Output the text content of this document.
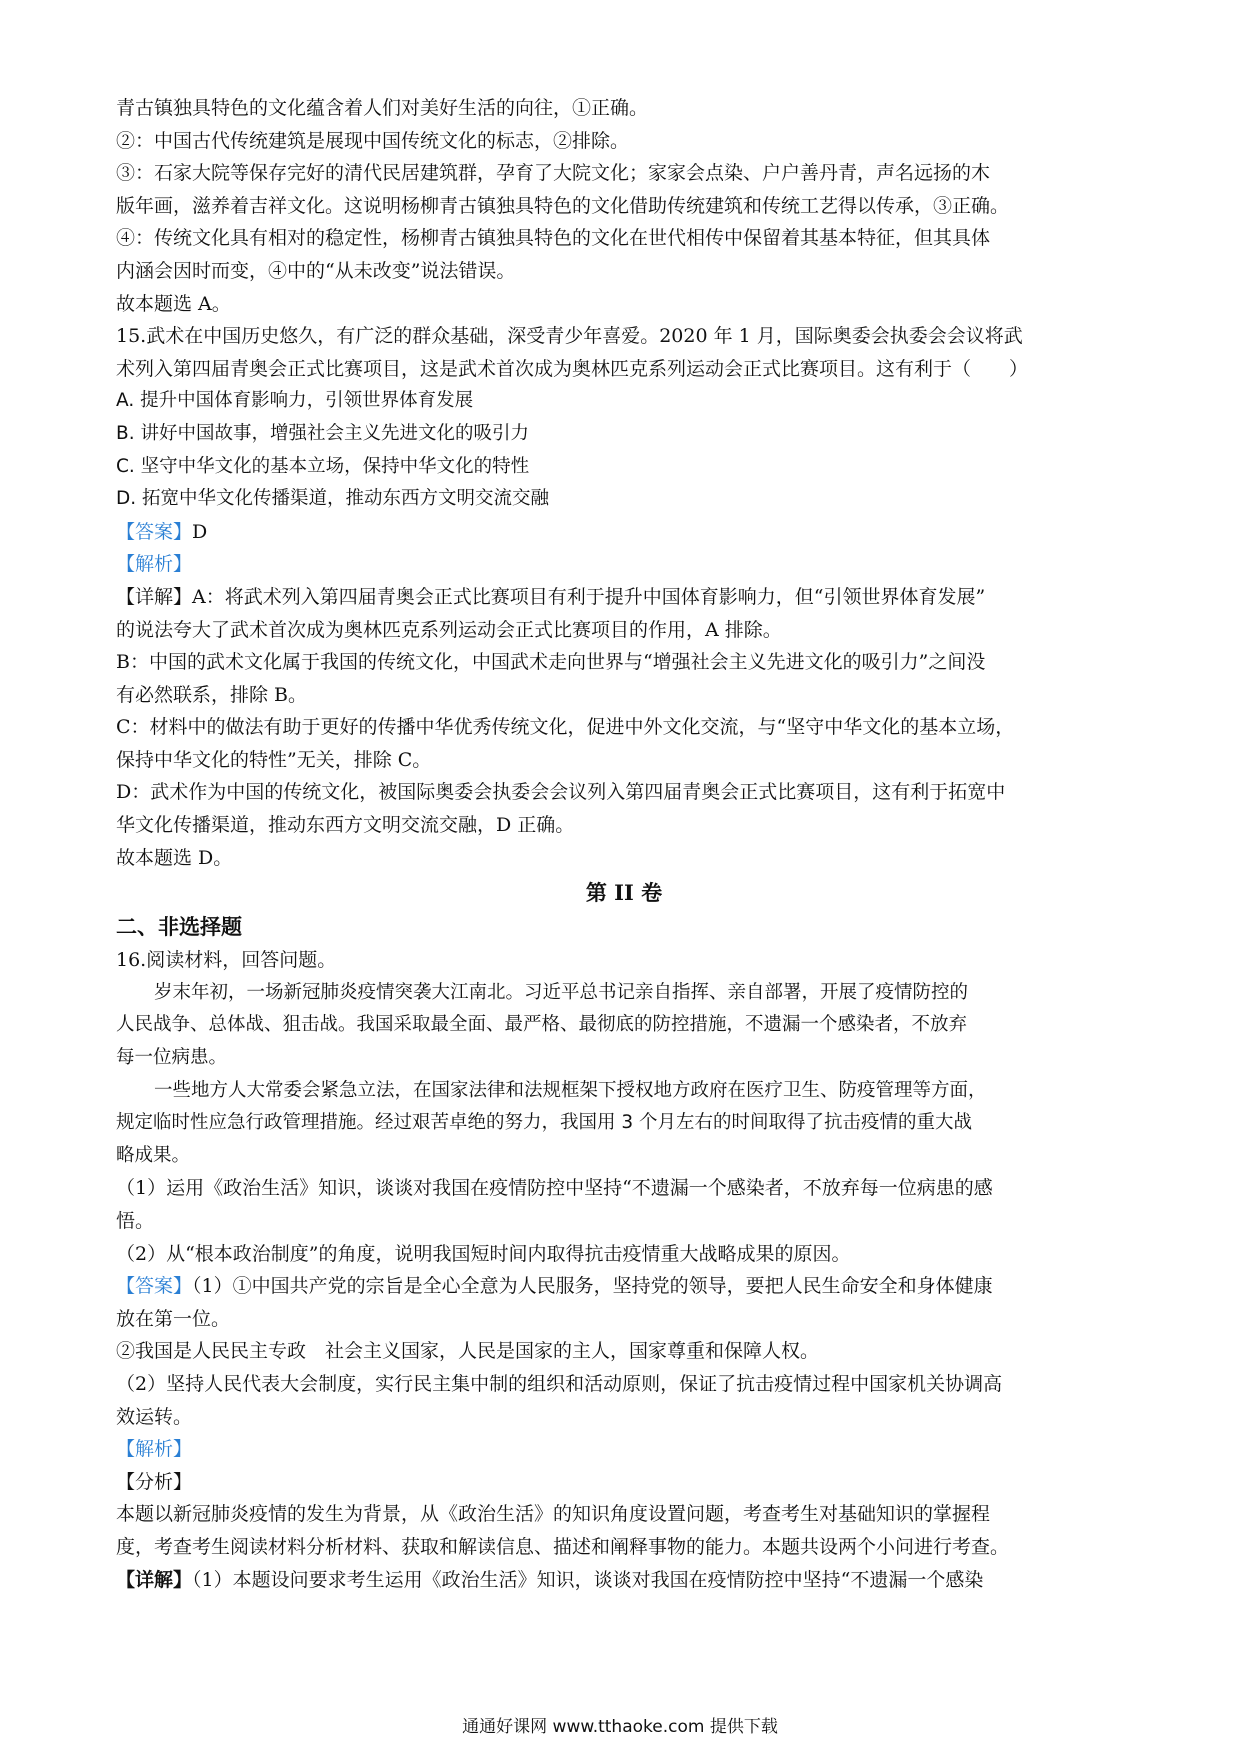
青古镇独具特色的文化蕴含着人们对美好生活的向往，①正确。

②：中国古代传统建筑是展现中国传统文化的标志，②排除。

③：石家大院等保存完好的清代民居建筑群，孕育了大院文化；家家会点染、户户善丹青，声名远扬的木

版年画，滋养着吉祥文化。这说明杨柳青古镇独具特色的文化借助传统建筑和传统工艺得以传承，③正确。

④：传统文化具有相对的稳定性，杨柳青古镇独具特色的文化在世代相传中保留着其基本特征，但其具体

内涵会因时而变，④中的“从未改变”说法错误。

故本题选 A。

15.武术在中国历史悠久，有广泛的群众基础，深受青少年喜爱。2020 年 1 月，国际奥委会执委会会议将武

术列入第四届青奥会正式比赛项目，这是武术首次成为奥林匹克系列运动会正式比赛项目。这有利于（　　）

A. 提升中国体育影响力，引领世界体育发展

B. 讲好中国故事，增强社会主义先进文化的吸引力

C. 坚守中华文化的基本立场，保持中华文化的特性

D. 拓宽中华文化传播渠道，推动东西方文明交流交融

【答案】D

【解析】

【详解】A：将武术列入第四届青奥会正式比赛项目有利于提升中国体育影响力，但“引领世界体育发展”

的说法夸大了武术首次成为奥林匹克系列运动会正式比赛项目的作用，A 排除。

B：中国的武术文化属于我国的传统文化，中国武术走向世界与“增强社会主义先进文化的吸引力”之间没

有必然联系，排除 B。

C：材料中的做法有助于更好的传播中华优秀传统文化，促进中外文化交流，与“坚守中华文化的基本立场，

保持中华文化的特性”无关，排除 C。

D：武术作为中国的传统文化，被国际奥委会执委会会议列入第四届青奥会正式比赛项目，这有利于拓宽中

华文化传播渠道，推动东西方文明交流交融，D 正确。

故本题选 D。

第 II 卷

二、非选择题

16.阅读材料，回答问题。

岁末年初，一场新冠肺炎疫情突袭大江南北。习近平总书记亲自指挥、亲自部署，开展了疫情防控的

人民战争、总体战、狙击战。我国采取最全面、最严格、最彻底的防控措施，不遗漏一个感染者，不放弃

每一位病患。

一些地方人大常委会紧急立法，在国家法律和法规框架下授权地方政府在医疗卫生、防疫管理等方面，

规定临时性应急行政管理措施。经过艰苦卓绝的努力，我国用 3 个月左右的时间取得了抗击疫情的重大战

略成果。

（1）运用《政治生活》知识，谈谈对我国在疫情防控中坚持“不遗漏一个感染者，不放弃每一位病患的感

悟。

（2）从“根本政治制度”的角度，说明我国短时间内取得抗击疫情重大战略成果的原因。

【答案】（1）①中国共产党的宗旨是全心全意为人民服务，坚持党的领导，要把人民生命安全和身体健康

放在第一位。

②我国是人民民主专政　社会主义国家，人民是国家的主人，国家尊重和保障人权。

（2）坚持人民代表大会制度，实行民主集中制的组织和活动原则，保证了抗击疫情过程中国家机关协调高

效运转。

【解析】

【分析】

本题以新冠肺炎疫情的发生为背景，从《政治生活》的知识角度设置问题，考查考生对基础知识的掌握程

度，考查考生阅读材料分析材料、获取和解读信息、描述和阐释事物的能力。本题共设两个小问进行考查。

【详解】（1）本题设问要求考生运用《政治生活》知识，谈谈对我国在疫情防控中坚持“不遗漏一个感染

通通好课网 www.tthaoke.com 提供下载
